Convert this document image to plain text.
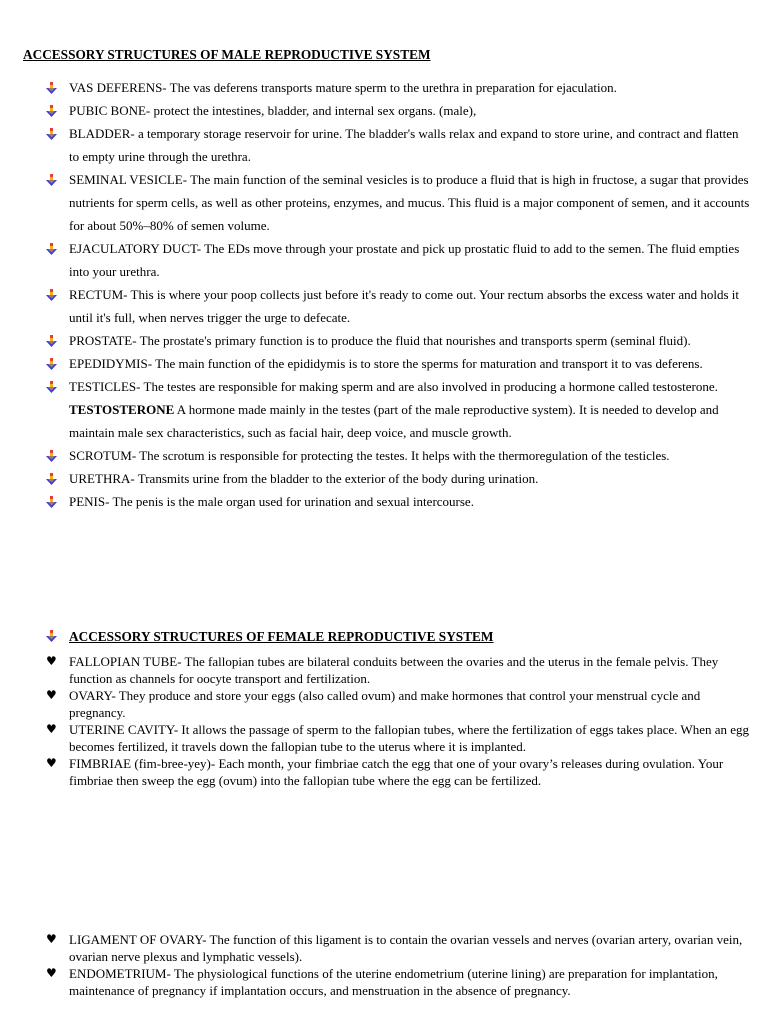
ACCESSORY STRUCTURES OF MALE REPRODUCTIVE SYSTEM
VAS DEFERENS- The vas deferens transports mature sperm to the urethra in preparation for ejaculation.
PUBIC BONE- protect the intestines, bladder, and internal sex organs. (male),
BLADDER- a temporary storage reservoir for urine. The bladder's walls relax and expand to store urine, and contract and flatten to empty urine through the urethra.
SEMINAL VESICLE- The main function of the seminal vesicles is to produce a fluid that is high in fructose, a sugar that provides nutrients for sperm cells, as well as other proteins, enzymes, and mucus. This fluid is a major component of semen, and it accounts for about 50%–80% of semen volume.
EJACULATORY DUCT- The EDs move through your prostate and pick up prostatic fluid to add to the semen. The fluid empties into your urethra.
RECTUM- This is where your poop collects just before it's ready to come out. Your rectum absorbs the excess water and holds it until it's full, when nerves trigger the urge to defecate.
PROSTATE- The prostate's primary function is to produce the fluid that nourishes and transports sperm (seminal fluid).
EPEDIDYMIS- The main function of the epididymis is to store the sperms for maturation and transport it to vas deferens.
TESTICLES- The testes are responsible for making sperm and are also involved in producing a hormone called testosterone. TESTOSTERONE A hormone made mainly in the testes (part of the male reproductive system). It is needed to develop and maintain male sex characteristics, such as facial hair, deep voice, and muscle growth.
SCROTUM- The scrotum is responsible for protecting the testes. It helps with the thermoregulation of the testicles.
URETHRA- Transmits urine from the bladder to the exterior of the body during urination.
PENIS- The penis is the male organ used for urination and sexual intercourse.
ACCESSORY STRUCTURES OF FEMALE REPRODUCTIVE SYSTEM
♥ FALLOPIAN TUBE- The fallopian tubes are bilateral conduits between the ovaries and the uterus in the female pelvis. They function as channels for oocyte transport and fertilization.
♥ OVARY- They produce and store your eggs (also called ovum) and make hormones that control your menstrual cycle and pregnancy.
♥ UTERINE CAVITY- It allows the passage of sperm to the fallopian tubes, where the fertilization of eggs takes place. When an egg becomes fertilized, it travels down the fallopian tube to the uterus where it is implanted.
♥ FIMBRIAE (fim-bree-yey)- Each month, your fimbriae catch the egg that one of your ovary’s releases during ovulation. Your fimbriae then sweep the egg (ovum) into the fallopian tube where the egg can be fertilized.
♥ LIGAMENT OF OVARY- The function of this ligament is to contain the ovarian vessels and nerves (ovarian artery, ovarian vein, ovarian nerve plexus and lymphatic vessels).
♥ ENDOMETRIUM- The physiological functions of the uterine endometrium (uterine lining) are preparation for implantation, maintenance of pregnancy if implantation occurs, and menstruation in the absence of pregnancy.
